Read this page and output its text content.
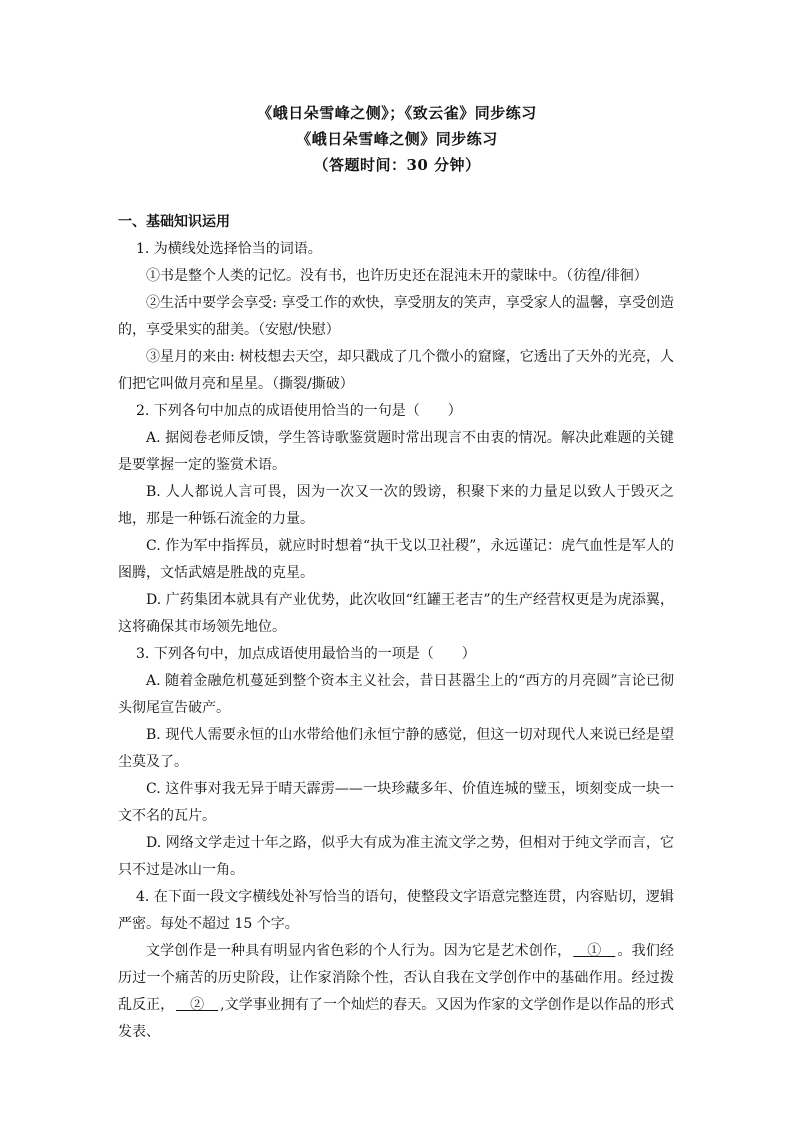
《峨日朵雪峰之侧》；《致云雀》同步练习
《峨日朵雪峰之侧》同步练习
（答题时间：30 分钟）
一、基础知识运用

1. 为横线处选择恰当的词语。

①书是整个人类的记忆。没有书，也许历史还在混沌未开的蒙昧中。（彷徨/徘徊）

②生活中要学会享受: 享受工作的欢快，享受朋友的笑声，享受家人的温馨，享受创造的，享受果实的甜美。（安慰/快慰）

③星月的来由: 树枝想去天空，却只戳成了几个微小的窟窿，它透出了天外的光亮，人们把它叫做月亮和星星。（撕裂/撕破）

2. 下列各句中加点的成语使用恰当的一句是（　　）

A. 据阅卷老师反馈，学生答诗歌鉴赏题时常出现言不由衷的情况。解决此难题的关键是要掌握一定的鉴赏术语。

B. 人人都说人言可畏，因为一次又一次的毁谤，积聚下来的力量足以致人于毁灭之地，那是一种铄石流金的力量。

C. 作为军中指挥员，就应时时想着“执干戈以卫社稷”，永远谨记：虎气血性是军人的图腾，文恬武嬉是胜战的克星。

D. 广药集团本就具有产业优势，此次收回“红罐王老吉”的生产经营权更是为虎添翼，这将确保其市场领先地位。

3. 下列各句中，加点成语使用最恰当的一项是（　　）

A. 随着金融危机蔓延到整个资本主义社会，昔日甚嚣尘上的“西方的月亮圆”言论已彻头彻尾宣告破产。

B. 现代人需要永恒的山水带给他们永恒宁静的感觉，但这一切对现代人来说已经是望尘莫及了。

C. 这件事对我无异于晴天霹雳——一块珍藏多年、价值连城的璧玉，顷刻变成一块一文不名的瓦片。

D. 网络文学走过十年之路，似乎大有成为准主流文学之势，但相对于纯文学而言，它只不过是冰山一角。

4. 在下面一段文字横线处补写恰当的语句，使整段文字语意完整连贯，内容贴切，逻辑严密。每处不超过 15 个字。

文学创作是一种具有明显内省色彩的个人行为。因为它是艺术创作， ＿①＿ 。我们经历过一个痛苦的历史阶段，让作家消除个性，否认自我在文学创作中的基础作用。经过拨乱反正， ＿②＿ ,文学事业拥有了一个灿烂的春天。又因为作家的文学创作是以作品的形式发表、
